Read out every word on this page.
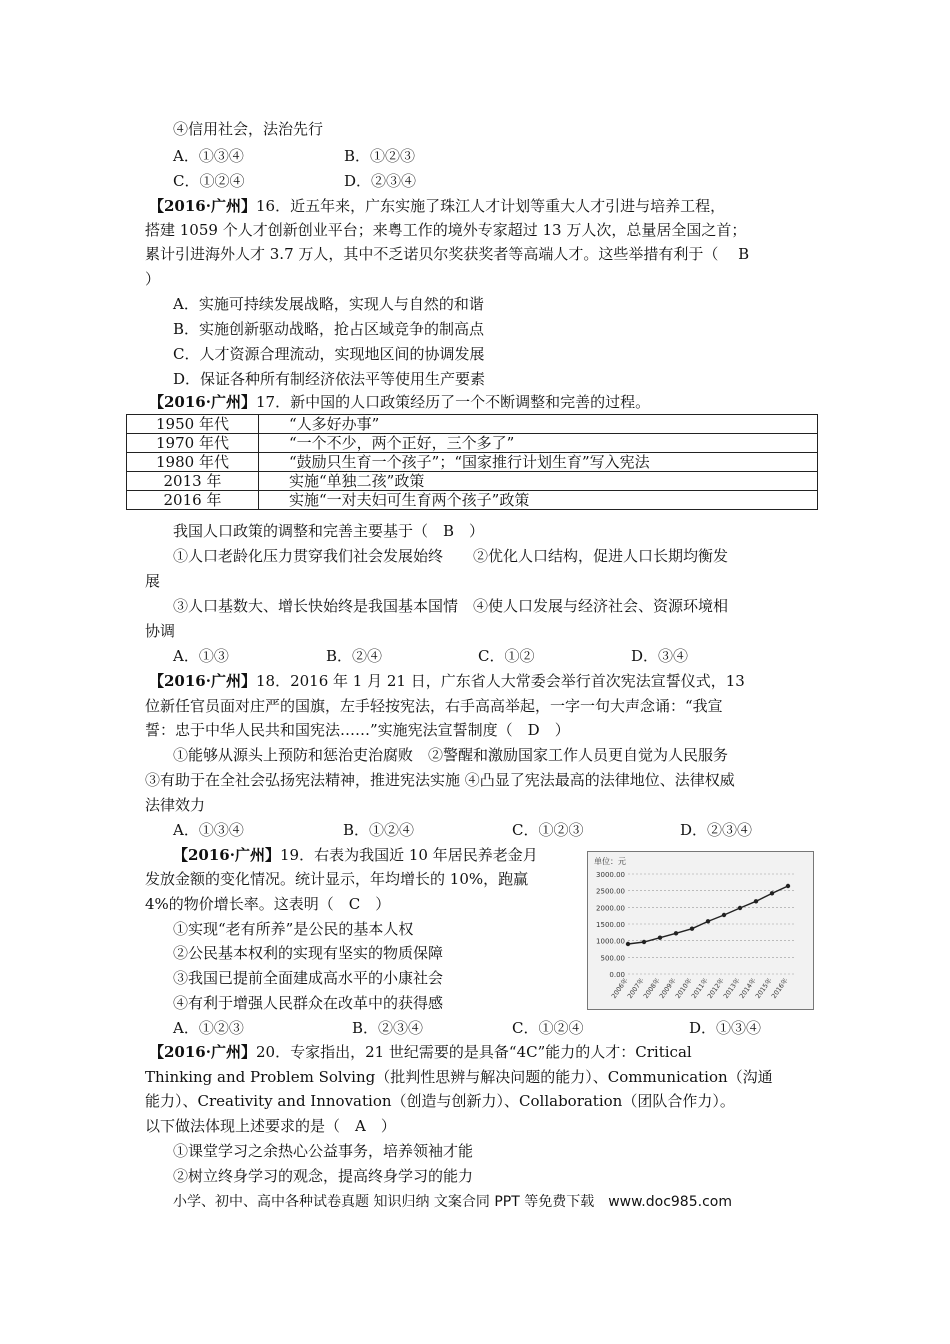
④信用社会，法治先行
A．①③④	B．①②③
C．①②④	D．②③④
【2016·广州】16．近五年来，广东实施了珠江人才计划等重大人才引进与培养工程，
搭建 1059 个人才创新创业平台；来粤工作的境外专家超过 13 万人次，总量居全国之首；
累计引进海外人才 3.7 万人，其中不乏诺贝尔奖获奖者等高端人才。这些举措有利于（　 B
）
A．实施可持续发展战略，实现人与自然的和谐
B．实施创新驱动战略，抢占区域竞争的制高点
C．人才资源合理流动，实现地区间的协调发展
D．保证各种所有制经济依法平等使用生产要素
【2016·广州】17．新中国的人口政策经历了一个不断调整和完善的过程。
1950 年代	“人多好办事”
1970 年代	“一个不少，两个正好，三个多了”
1980 年代	“鼓励只生育一个孩子”；“国家推行计划生育”写入宪法
2013 年	实施“单独二孩”政策
2016 年	实施“一对夫妇可生育两个孩子”政策
我国人口政策的调整和完善主要基于（　B　）
①人口老龄化压力贯穿我们社会发展始终　　②优化人口结构，促进人口长期均衡发
展
③人口基数大、增长快始终是我国基本国情　④使人口发展与经济社会、资源环境相
协调
A．①③	B．②④	C．①②	D．③④
【2016·广州】18．2016 年 1 月 21 日，广东省人大常委会举行首次宪法宣誓仪式，13
位新任官员面对庄严的国旗，左手轻按宪法，右手高高举起，一字一句大声念诵：“我宣
誓：忠于中华人民共和国宪法……”实施宪法宣誓制度（　D　）
①能够从源头上预防和惩治吏治腐败　②警醒和激励国家工作人员更自觉为人民服务
③有助于在全社会弘扬宪法精神，推进宪法实施 ④凸显了宪法最高的法律地位、法律权威
法律效力
A．①③④	B．①②④	C．①②③	D．②③④
【2016·广州】19．右表为我国近 10 年居民养老金月
发放金额的变化情况。统计显示，年均增长的 10%，跑赢
4%的物价增长率。这表明（　C　）
①实现“老有所养”是公民的基本人权
②公民基本权利的实现有坚实的物质保障
③我国已提前全面建成高水平的小康社会
④有利于增强人民群众在改革中的获得感
单位：元
3000.00
2500.00
2000.00
1500.00
1000.00
500.00
0.00
2006年
2007年
2008年
2009年
2010年
2011年
2012年
2013年
2014年
2015年
2016年
A．①②③	B．②③④	C．①②④	D．①③④
【2016·广州】20．专家指出，21 世纪需要的是具备“4C”能力的人才：Critical
Thinking and Problem Solving（批判性思辨与解决问题的能力）、Communication（沟通
能力）、Creativity and Innovation（创造与创新力）、Collaboration（团队合作力）。
以下做法体现上述要求的是（　A　）
①课堂学习之余热心公益事务，培养领袖才能
②树立终身学习的观念，提高终身学习的能力
小学、初中、高中各种试卷真题 知识归纳 文案合同 PPT 等免费下载　www.doc985.com
